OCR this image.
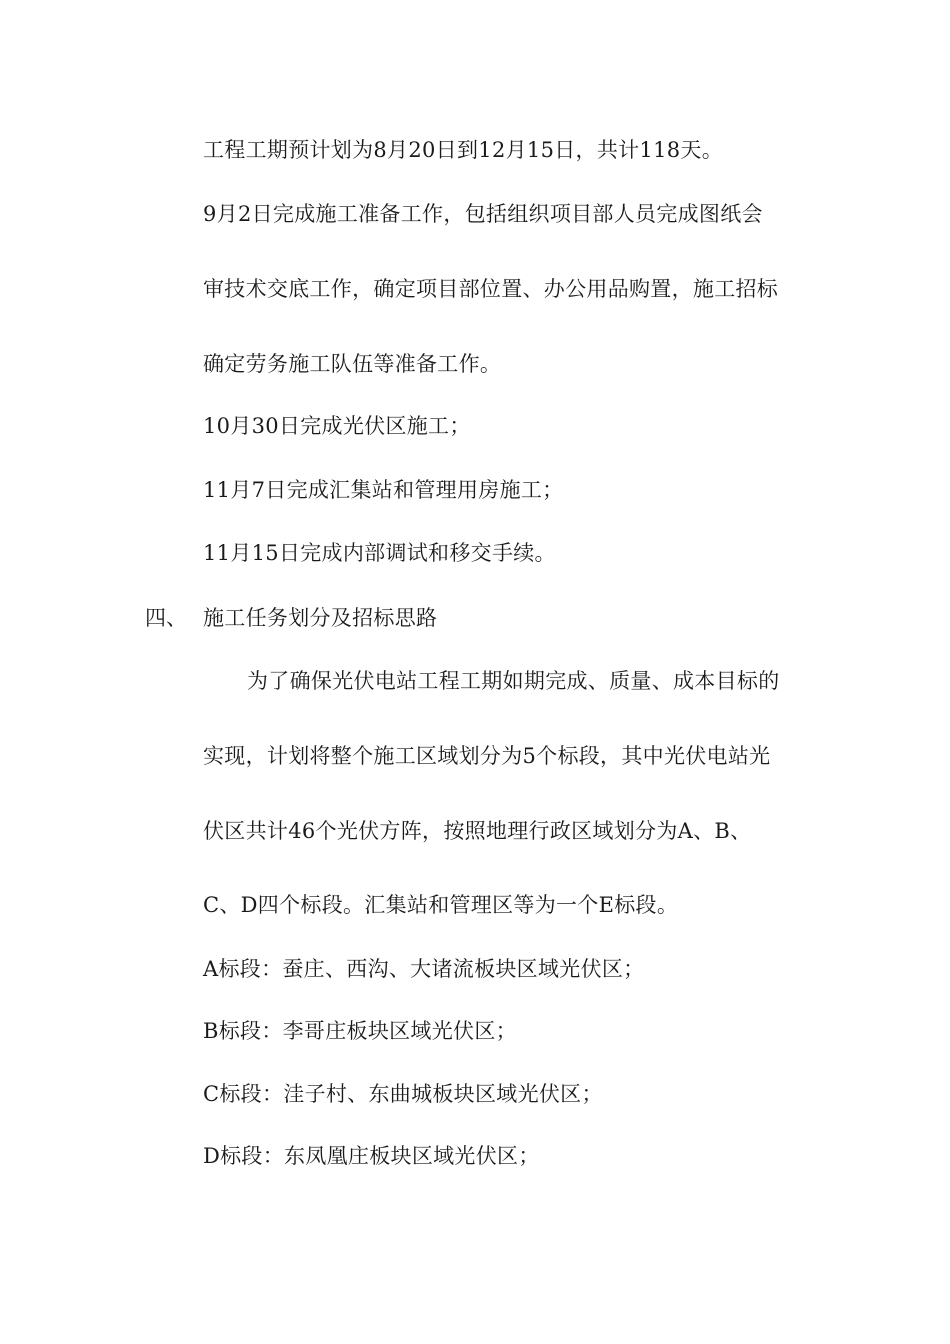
工程工期预计划为8月20日到12月15日，共计118天。
9月2日完成施工准备工作，包括组织项目部人员完成图纸会
审技术交底工作，确定项目部位置、办公用品购置，施工招标
确定劳务施工队伍等准备工作。
10月30日完成光伏区施工；
11月7日完成汇集站和管理用房施工；
11月15日完成内部调试和移交手续。
四、 施工任务划分及招标思路
为了确保光伏电站工程工期如期完成、质量、成本目标的
实现，计划将整个施工区域划分为5个标段，其中光伏电站光
伏区共计46个光伏方阵，按照地理行政区域划分为A、B、
C、D四个标段。汇集站和管理区等为一个E标段。
A标段：蚕庄、西沟、大诸流板块区域光伏区；
B标段：李哥庄板块区域光伏区；
C标段：洼子村、东曲城板块区域光伏区；
D标段：东凤凰庄板块区域光伏区；
